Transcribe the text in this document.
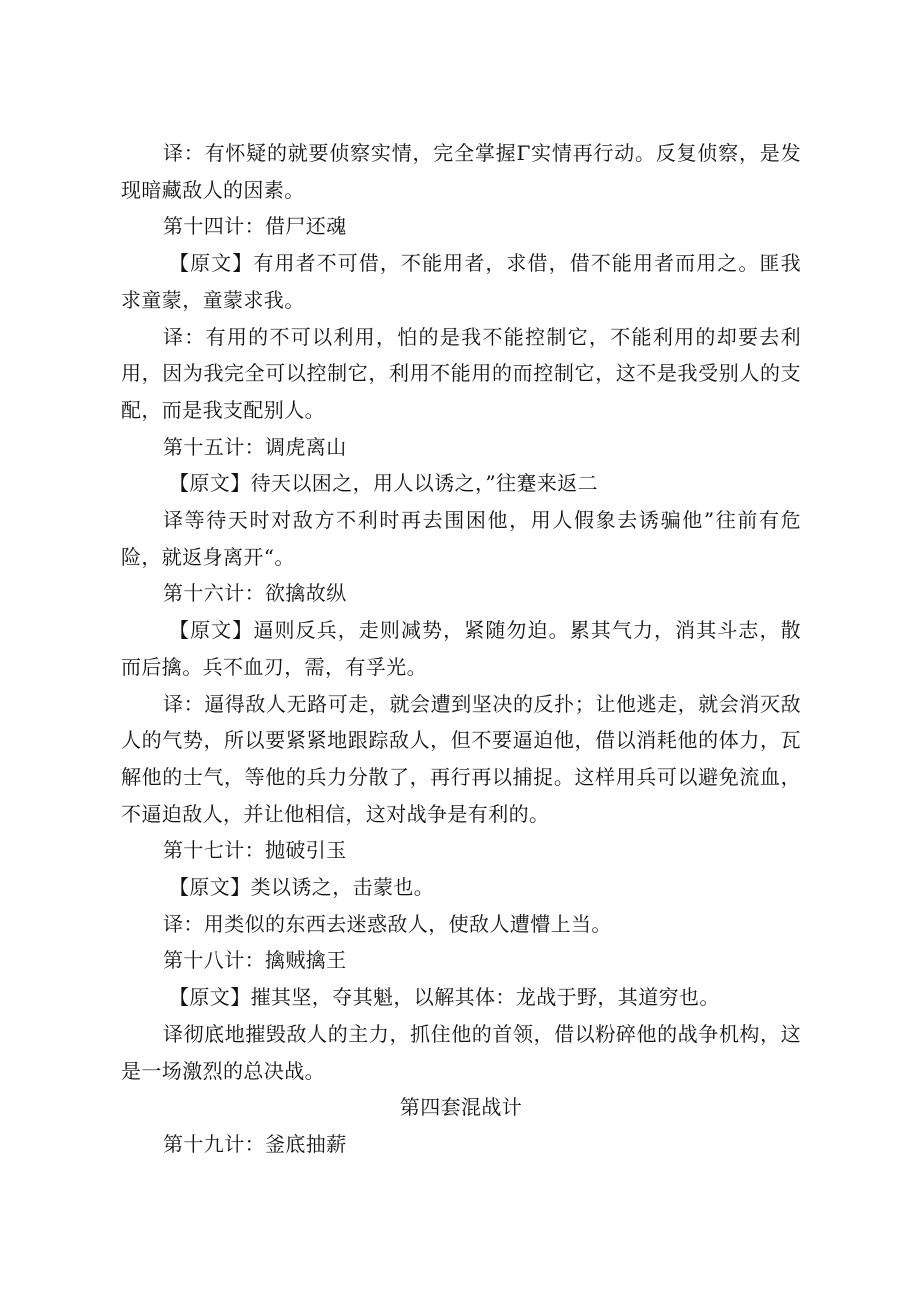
译：有怀疑的就要侦察实情，完全掌握Γ实情再行动。反复侦察，是发现暗藏敌人的因素。

第十四计：借尸还魂

【原文】有用者不可借，不能用者，求借，借不能用者而用之。匪我求童蒙，童蒙求我。

译：有用的不可以利用，怕的是我不能控制它，不能利用的却要去利用，因为我完全可以控制它，利用不能用的而控制它，这不是我受别人的支配，而是我支配别人。

第十五计：调虎离山

【原文】待天以困之，用人以诱之，”往蹇来返二

译等待天时对敌方不利时再去围困他，用人假象去诱骗他”往前有危险，就返身离开“。

第十六计：欲擒故纵

【原文】逼则反兵，走则减势，紧随勿迫。累其气力，消其斗志，散而后擒。兵不血刃，需，有孚光。

译：逼得敌人无路可走，就会遭到坚决的反扑；让他逃走，就会消灭敌人的气势，所以要紧紧地跟踪敌人，但不要逼迫他，借以消耗他的体力，瓦解他的士气，等他的兵力分散了，再行再以捕捉。这样用兵可以避免流血，不逼迫敌人，并让他相信，这对战争是有利的。

第十七计：抛破引玉

【原文】类以诱之，击蒙也。

译：用类似的东西去迷惑敌人，使敌人遭懵上当。

第十八计：擒贼擒王

【原文】摧其坚，夺其魁，以解其体：龙战于野，其道穷也。

译彻底地摧毁敌人的主力，抓住他的首领，借以粉碎他的战争机构，这是一场激烈的总决战。

第四套混战计

第十九计：釜底抽薪
